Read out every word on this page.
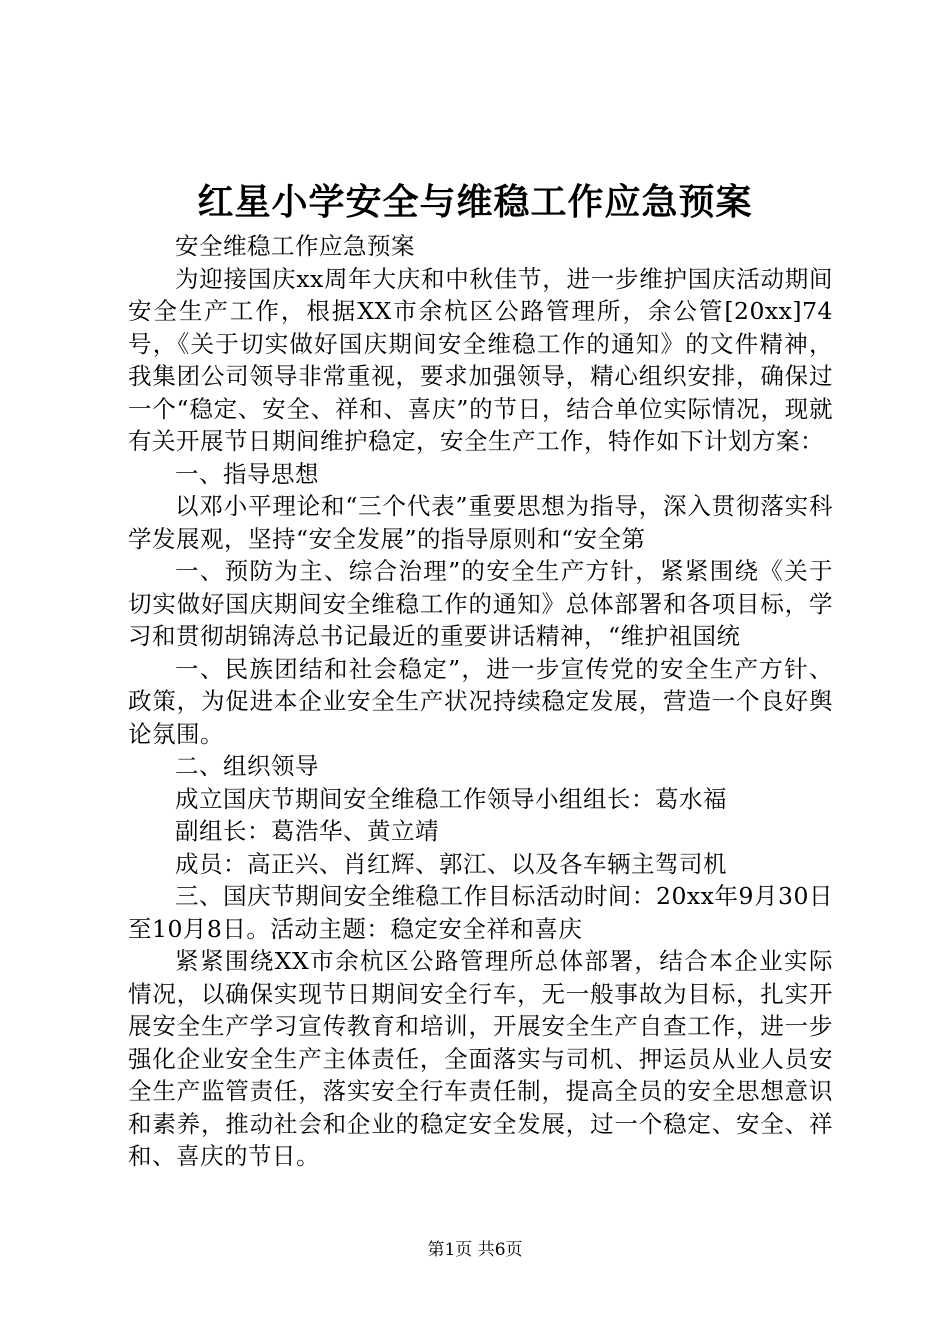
红星小学安全与维稳工作应急预案

安全维稳工作应急预案

为迎接国庆xx周年大庆和中秋佳节，进一步维护国庆活动期间安全生产工作，根据XX市余杭区公路管理所，余公管[20xx]74号，《关于切实做好国庆期间安全维稳工作的通知》的文件精神，我集团公司领导非常重视，要求加强领导，精心组织安排，确保过一个“稳定、安全、祥和、喜庆”的节日，结合单位实际情况，现就有关开展节日期间维护稳定，安全生产工作，特作如下计划方案：

一、指导思想

以邓小平理论和“三个代表”重要思想为指导，深入贯彻落实科学发展观，坚持“安全发展”的指导原则和“安全第

一、预防为主、综合治理”的安全生产方针，紧紧围绕《关于切实做好国庆期间安全维稳工作的通知》总体部署和各项目标，学习和贯彻胡锦涛总书记最近的重要讲话精神，“维护祖国统

一、民族团结和社会稳定”，进一步宣传党的安全生产方针、政策，为促进本企业安全生产状况持续稳定发展，营造一个良好舆论氛围。

二、组织领导

成立国庆节期间安全维稳工作领导小组组长：葛水福

副组长：葛浩华、黄立靖

成员：高正兴、肖红辉、郭江、以及各车辆主驾司机

三、国庆节期间安全维稳工作目标活动时间：20xx年9月30日至10月8日。活动主题：稳定安全祥和喜庆

紧紧围绕XX市余杭区公路管理所总体部署，结合本企业实际情况，以确保实现节日期间安全行车，无一般事故为目标，扎实开展安全生产学习宣传教育和培训，开展安全生产自查工作，进一步强化企业安全生产主体责任，全面落实与司机、押运员从业人员安全生产监管责任，落实安全行车责任制，提高全员的安全思想意识和素养，推动社会和企业的稳定安全发展，过一个稳定、安全、祥和、喜庆的节日。

第1页 共6页
